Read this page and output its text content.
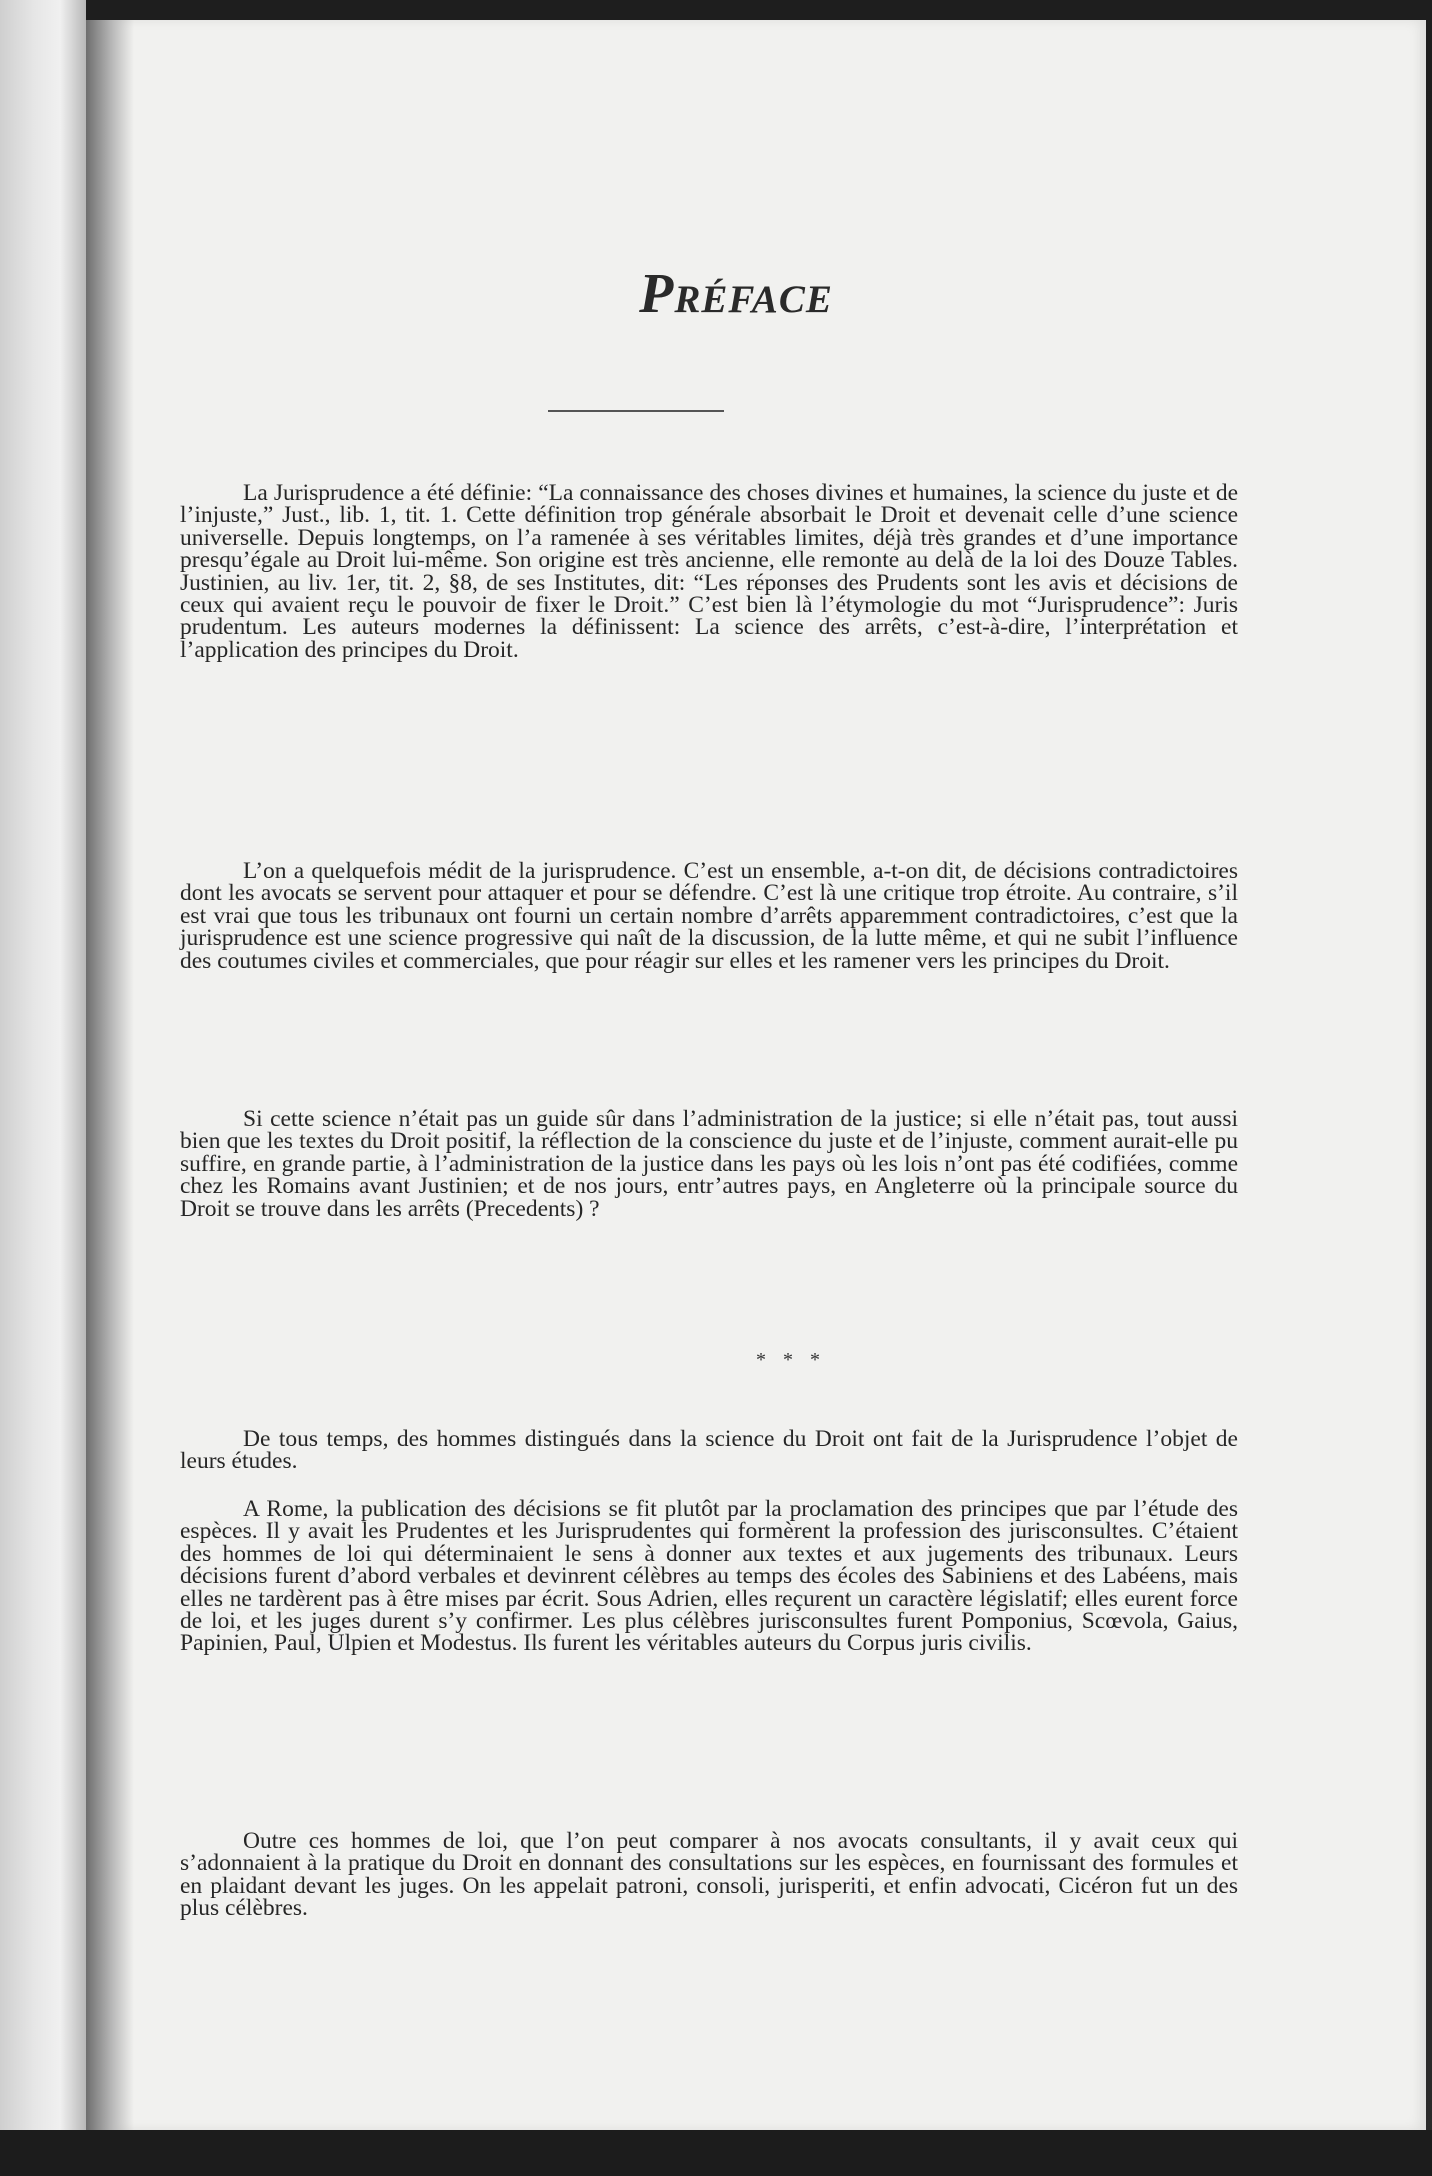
Préface

La Jurisprudence a été définie: “La connaissance des choses divines et humaines, la science du juste et de l’injuste,” Just., lib. 1, tit. 1. Cette définition trop générale absorbait le Droit et devenait celle d’une science universelle. Depuis longtemps, on l’a ramenée à ses véritables limites, déjà très grandes et d’une importance presqu’égale au Droit lui-même. Son origine est très ancienne, elle remonte au delà de la loi des Douze Tables. Justinien, au liv. 1er, tit. 2, §8, de ses Institutes, dit: “Les réponses des Prudents sont les avis et décisions de ceux qui avaient reçu le pouvoir de fixer le Droit.” C’est bien là l’étymologie du mot “Jurisprudence”: Juris prudentum. Les auteurs modernes la définissent: La science des arrêts, c’est-à-dire, l’interprétation et l’application des principes du Droit.

L’on a quelquefois médit de la jurisprudence. C’est un ensemble, a-t-on dit, de décisions contradictoires dont les avocats se servent pour attaquer et pour se défendre. C’est là une critique trop étroite. Au contraire, s’il est vrai que tous les tribunaux ont fourni un certain nombre d’arrêts apparemment contradictoires, c’est que la jurisprudence est une science progressive qui naît de la discussion, de la lutte même, et qui ne subit l’influence des coutumes civiles et commerciales, que pour réagir sur elles et les ramener vers les principes du Droit.

Si cette science n’était pas un guide sûr dans l’administration de la justice; si elle n’était pas, tout aussi bien que les textes du Droit positif, la réflection de la conscience du juste et de l’injuste, comment aurait-elle pu suffire, en grande partie, à l’administration de la justice dans les pays où les lois n’ont pas été codifiées, comme chez les Romains avant Justinien; et de nos jours, entr’autres pays, en Angleterre où la principale source du Droit se trouve dans les arrêts (Precedents) ?

* * *

De tous temps, des hommes distingués dans la science du Droit ont fait de la Jurisprudence l’objet de leurs études.

A Rome, la publication des décisions se fit plutôt par la proclamation des principes que par l’étude des espèces. Il y avait les Prudentes et les Jurisprudentes qui formèrent la profession des jurisconsultes. C’étaient des hommes de loi qui déterminaient le sens à donner aux textes et aux jugements des tribunaux. Leurs décisions furent d’abord verbales et devinrent célèbres au temps des écoles des Sabiniens et des Labéens, mais elles ne tardèrent pas à être mises par écrit. Sous Adrien, elles reçurent un caractère législatif; elles eurent force de loi, et les juges durent s’y confirmer. Les plus célèbres jurisconsultes furent Pomponius, Scœvola, Gaius, Papinien, Paul, Ulpien et Modestus. Ils furent les véritables auteurs du Corpus juris civilis.

Outre ces hommes de loi, que l’on peut comparer à nos avocats consultants, il y avait ceux qui s’adonnaient à la pratique du Droit en donnant des consultations sur les espèces, en fournissant des formules et en plaidant devant les juges. On les appelait patroni, consoli, jurisperiti, et enfin advocati, Cicéron fut un des plus célèbres.
